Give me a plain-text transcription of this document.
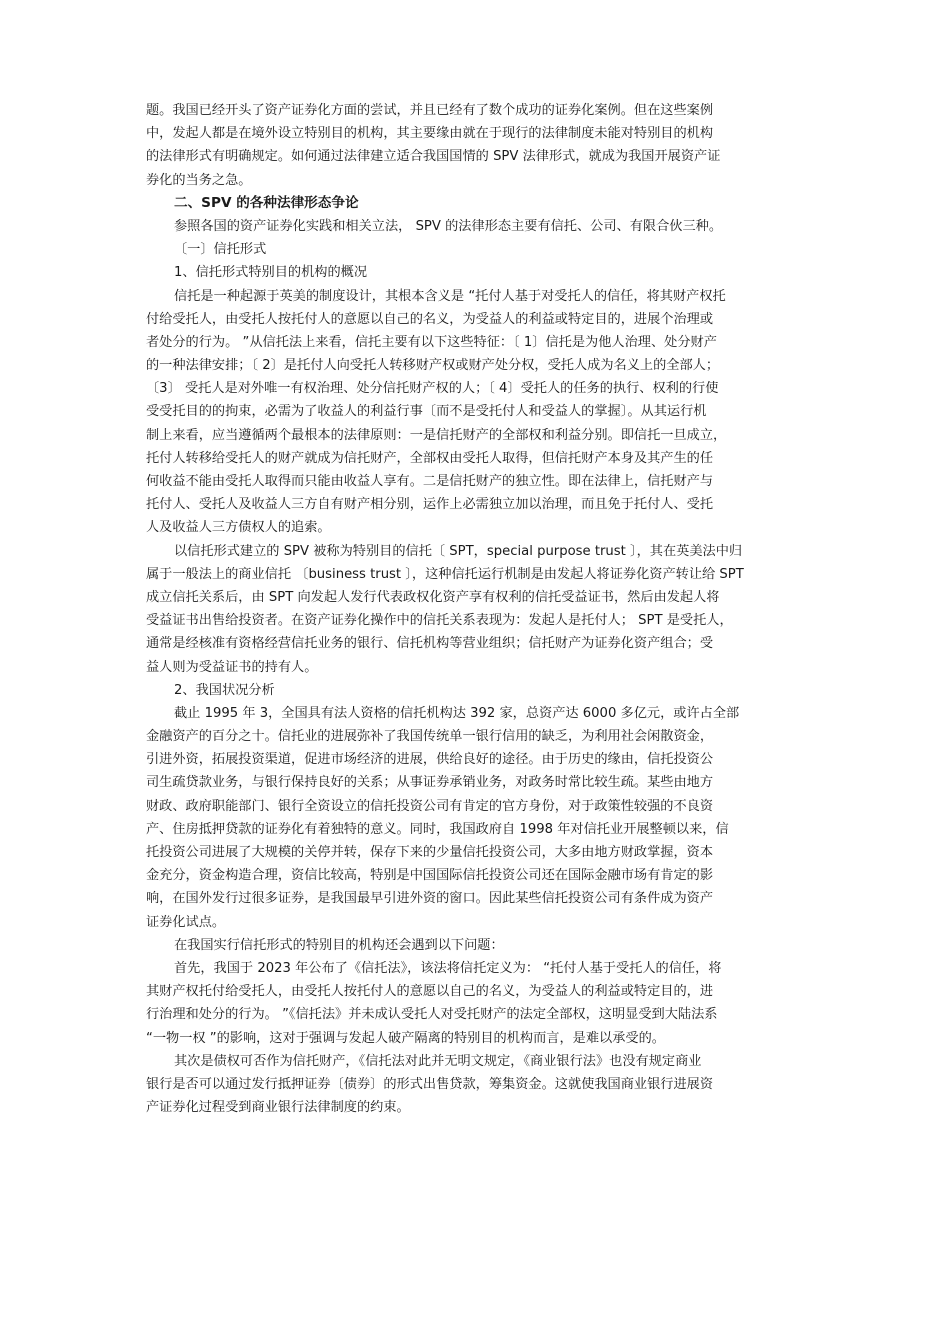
题。我国已经开头了资产证券化方面的尝试，并且已经有了数个成功的证券化案例。但在这些案例
中，发起人都是在境外设立特别目的机构，其主要缘由就在于现行的法律制度未能对特别目的机构
的法律形式有明确规定。如何通过法律建立适合我国国情的 SPV 法律形式，就成为我国开展资产证
券化的当务之急。
二、SPV 的各种法律形态争论
参照各国的资产证券化实践和相关立法， SPV 的法律形态主要有信托、公司、有限合伙三种。
〔一〕信托形式
1、信托形式特别目的机构的概况
信托是一种起源于英美的制度设计，其根本含义是 “托付人基于对受托人的信任，将其财产权托
付给受托人，由受托人按托付人的意愿以自己的名义，为受益人的利益或特定目的，进展个治理或
者处分的行为。 ”从信托法上来看，信托主要有以下这些特征：〔 1〕信托是为他人治理、处分财产
的一种法律安排；〔 2〕是托付人向受托人转移财产权或财产处分权，受托人成为名义上的全部人；
〔3〕 受托人是对外唯一有权治理、处分信托财产权的人；〔 4〕受托人的任务的执行、权利的行使
受受托目的的拘束，必需为了收益人的利益行事〔而不是受托付人和受益人的掌握〕。从其运行机
制上来看，应当遵循两个最根本的法律原则：一是信托财产的全部权和利益分别。即信托一旦成立，
托付人转移给受托人的财产就成为信托财产，全部权由受托人取得，但信托财产本身及其产生的任
何收益不能由受托人取得而只能由收益人享有。二是信托财产的独立性。即在法律上，信托财产与
托付人、受托人及收益人三方自有财产相分别，运作上必需独立加以治理，而且免于托付人、受托
人及收益人三方债权人的追索。
以信托形式建立的 SPV 被称为特别目的信托〔 SPT，special purpose trust 〕，其在英美法中归
属于一般法上的商业信托 〔business trust 〕，这种信托运行机制是由发起人将证券化资产转让给 SPT
成立信托关系后，由 SPT 向发起人发行代表政权化资产享有权利的信托受益证书，然后由发起人将
受益证书出售给投资者。在资产证券化操作中的信托关系表现为：发起人是托付人； SPT 是受托人，
通常是经核准有资格经营信托业务的银行、信托机构等营业组织；信托财产为证券化资产组合；受
益人则为受益证书的持有人。
2、我国状况分析
截止 1995 年 3，全国具有法人资格的信托机构达 392 家，总资产达 6000 多亿元，或许占全部
金融资产的百分之十。信托业的进展弥补了我国传统单一银行信用的缺乏，为利用社会闲散资金，
引进外资，拓展投资渠道，促进市场经济的进展，供给良好的途径。由于历史的缘由，信托投资公
司生疏贷款业务，与银行保持良好的关系；从事证券承销业务，对政务时常比较生疏。某些由地方
财政、政府职能部门、银行全资设立的信托投资公司有肯定的官方身份，对于政策性较强的不良资
产、住房抵押贷款的证券化有着独特的意义。同时，我国政府自 1998 年对信托业开展整顿以来，信
托投资公司进展了大规模的关停并转，保存下来的少量信托投资公司，大多由地方财政掌握，资本
金充分，资金构造合理，资信比较高，特别是中国国际信托投资公司还在国际金融市场有肯定的影
响，在国外发行过很多证券，是我国最早引进外资的窗口。因此某些信托投资公司有条件成为资产
证券化试点。
在我国实行信托形式的特别目的机构还会遇到以下问题：
首先，我国于 2023 年公布了《信托法》，该法将信托定义为： “托付人基于受托人的信任，将
其财产权托付给受托人，由受托人按托付人的意愿以自己的名义，为受益人的利益或特定目的，进
行治理和处分的行为。 ”《信托法》并未成认受托人对受托财产的法定全部权，这明显受到大陆法系
“一物一权 ”的影响，这对于强调与发起人破产隔离的特别目的机构而言，是难以承受的。
其次是债权可否作为信托财产，《信托法对此并无明文规定，《商业银行法》也没有规定商业
银行是否可以通过发行抵押证券〔债券〕的形式出售贷款，筹集资金。这就使我国商业银行进展资
产证券化过程受到商业银行法律制度的约束。
